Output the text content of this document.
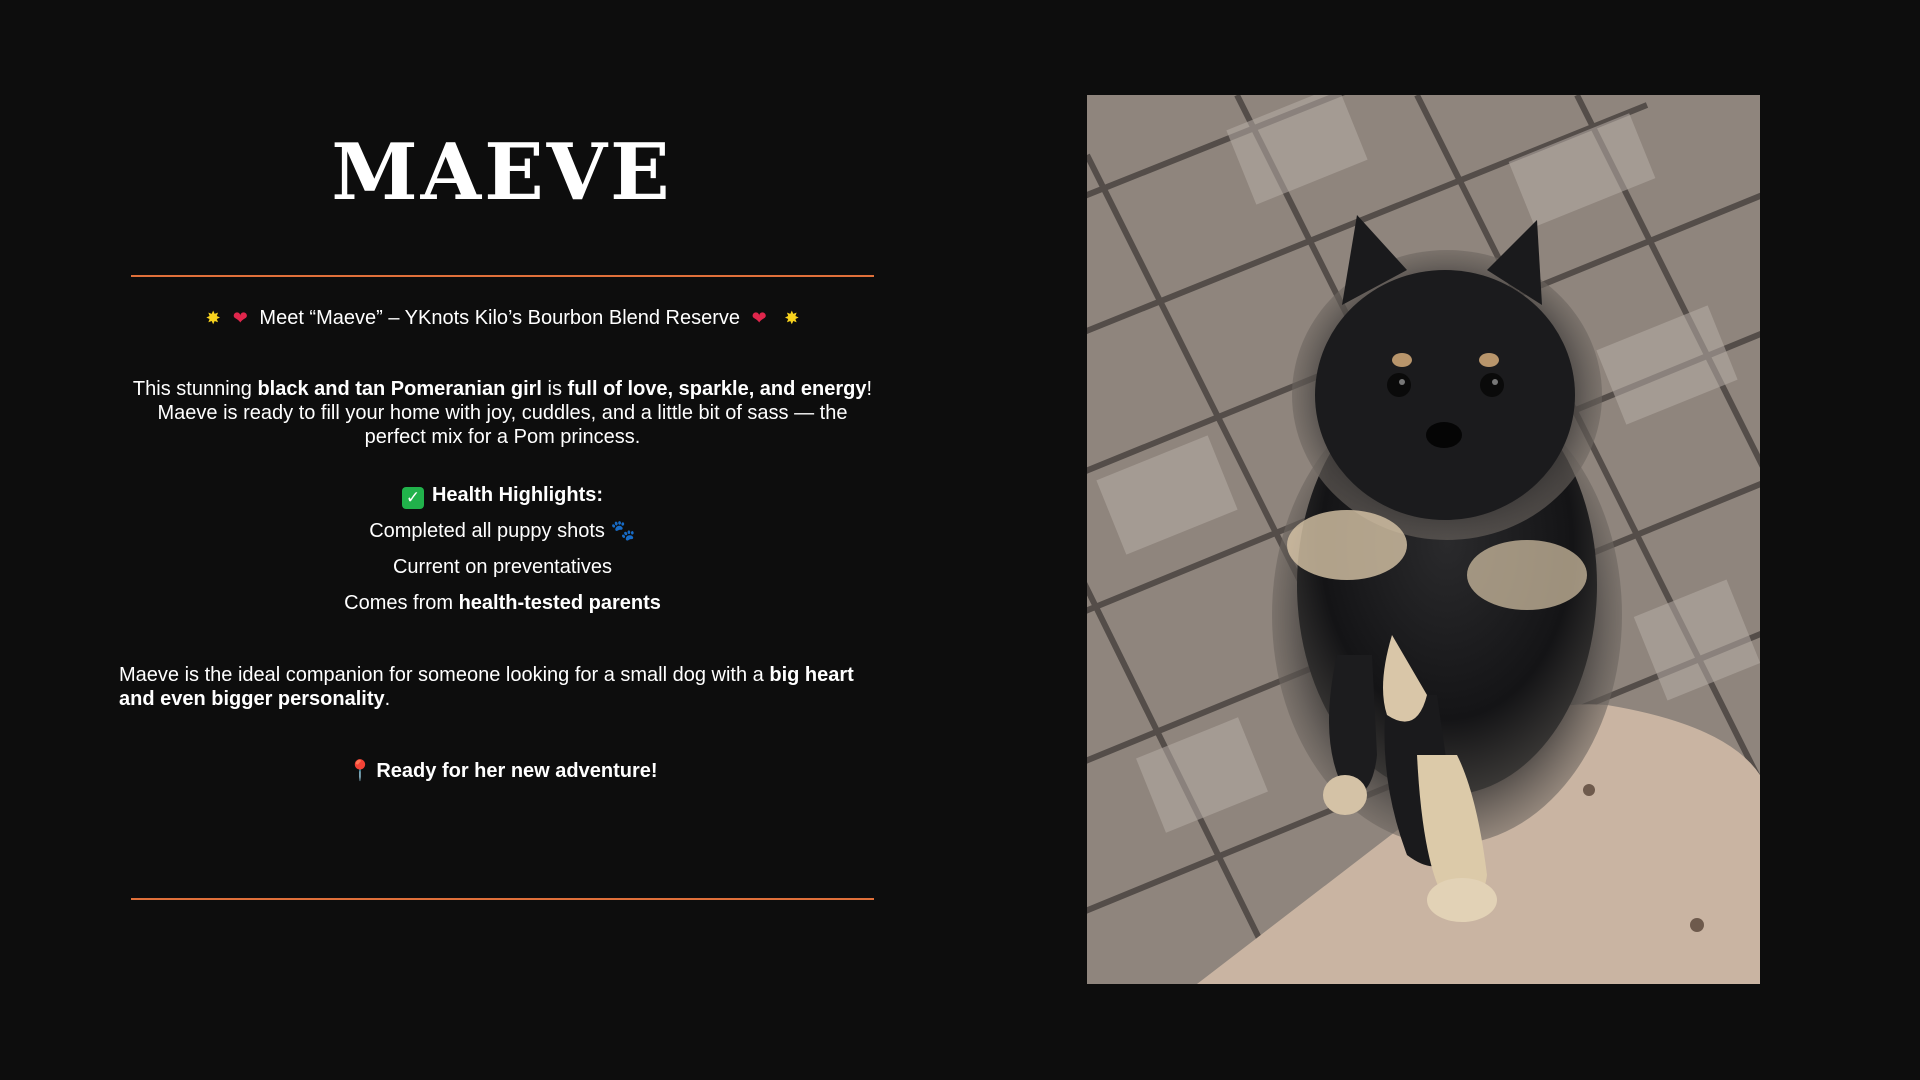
MAEVE
✸ ❤ Meet “Maeve” – YKnots Kilo’s Bourbon Blend Reserve ❤ ✸
This stunning black and tan Pomeranian girl is full of love, sparkle, and energy!
Maeve is ready to fill your home with joy, cuddles, and a little bit of sass — the perfect mix for a Pom princess.
✓ Health Highlights:
Completed all puppy shots 🐾
Current on preventatives
Comes from health-tested parents
Maeve is the ideal companion for someone looking for a small dog with a big heart and even bigger personality.
📍 Ready for her new adventure!
